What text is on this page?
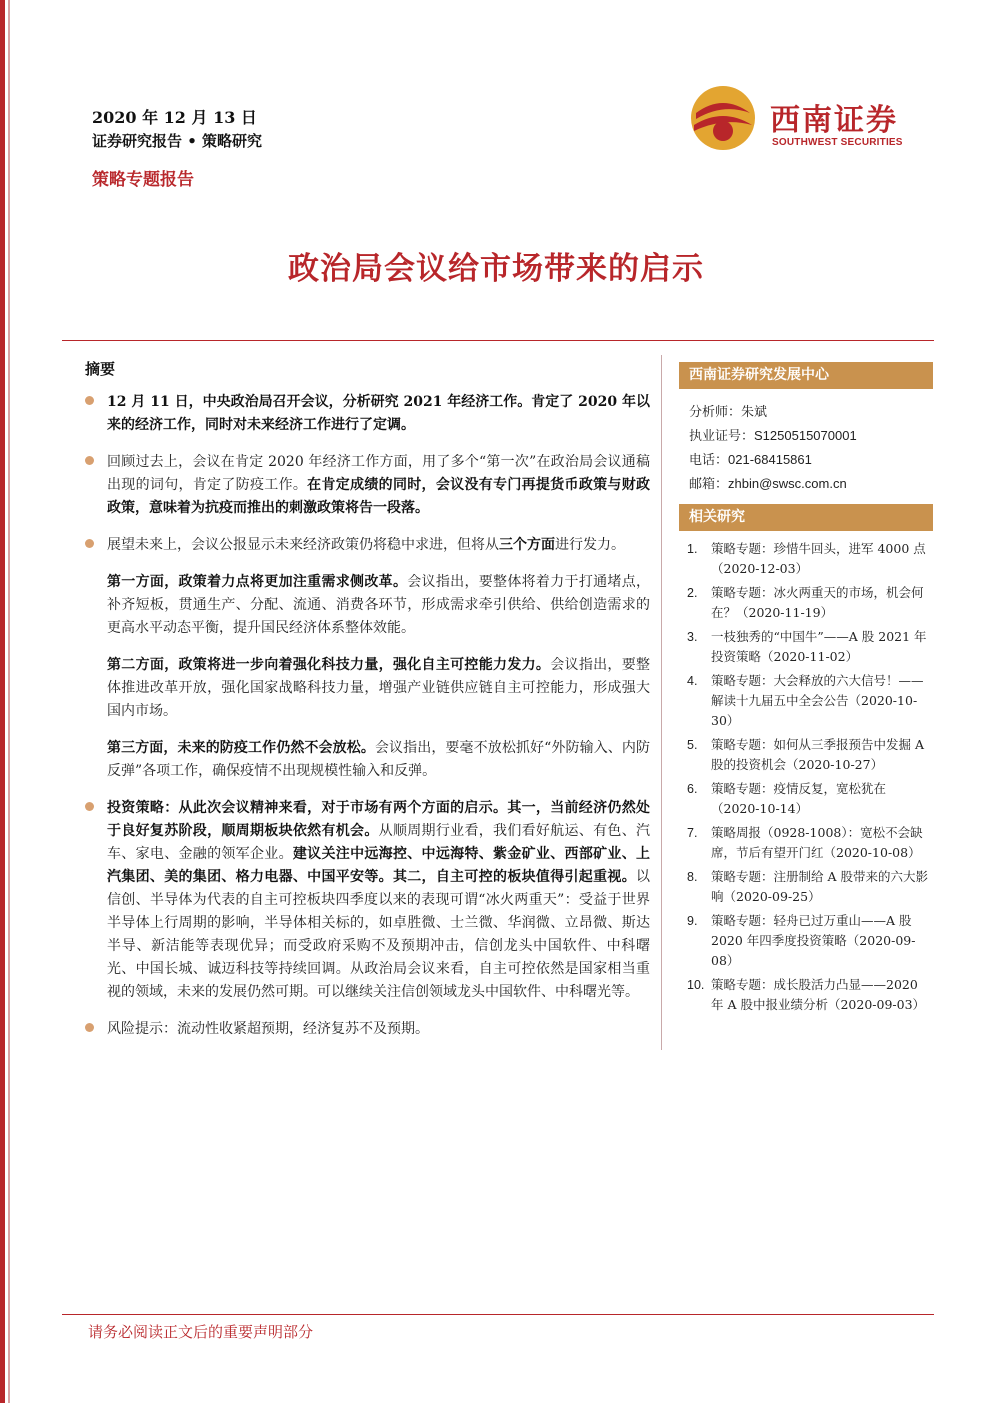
2020 年 12 月 13 日
证券研究报告 • 策略研究
策略专题报告
西南证券
SOUTHWEST SECURITIES
政治局会议给市场带来的启示
摘要
12 月 11 日，中央政治局召开会议，分析研究 2021 年经济工作。肯定了 2020 年以来的经济工作，同时对未来经济工作进行了定调。
回顾过去上，会议在肯定 2020 年经济工作方面，用了多个“第一次”在政治局会议通稿出现的词句，肯定了防疫工作。在肯定成绩的同时，会议没有专门再提货币政策与财政政策，意味着为抗疫而推出的刺激政策将告一段落。
展望未来上，会议公报显示未来经济政策仍将稳中求进，但将从三个方面进行发力。
第一方面，政策着力点将更加注重需求侧改革。会议指出，要整体将着力于打通堵点，补齐短板，贯通生产、分配、流通、消费各环节，形成需求牵引供给、供给创造需求的更高水平动态平衡，提升国民经济体系整体效能。
第二方面，政策将进一步向着强化科技力量，强化自主可控能力发力。会议指出，要整体推进改革开放，强化国家战略科技力量，增强产业链供应链自主可控能力，形成强大国内市场。
第三方面，未来的防疫工作仍然不会放松。会议指出，要毫不放松抓好“外防输入、内防反弹”各项工作，确保疫情不出现规模性输入和反弹。
投资策略：从此次会议精神来看，对于市场有两个方面的启示。其一，当前经济仍然处于良好复苏阶段，顺周期板块依然有机会。从顺周期行业看，我们看好航运、有色、汽车、家电、金融的领军企业。建议关注中远海控、中远海特、紫金矿业、西部矿业、上汽集团、美的集团、格力电器、中国平安等。其二，自主可控的板块值得引起重视。以信创、半导体为代表的自主可控板块四季度以来的表现可谓“冰火两重天”：受益于世界半导体上行周期的影响，半导体相关标的，如卓胜微、士兰微、华润微、立昂微、斯达半导、新洁能等表现优异；而受政府采购不及预期冲击，信创龙头中国软件、中科曙光、中国长城、诚迈科技等持续回调。从政治局会议来看，自主可控依然是国家相当重视的领域，未来的发展仍然可期。可以继续关注信创领域龙头中国软件、中科曙光等。
风险提示：流动性收紧超预期，经济复苏不及预期。
西南证券研究发展中心
分析师：朱斌
执业证号：S1250515070001
电话：021-68415861
邮箱：zhbin@swsc.com.cn
相关研究
1. 策略专题：珍惜牛回头，进军 4000 点（2020-12-03）
2. 策略专题：冰火两重天的市场，机会何在？（2020-11-19）
3. 一枝独秀的“中国牛”——A 股 2021 年投资策略（2020-11-02）
4. 策略专题：大会释放的六大信号！——解读十九届五中全会公告（2020-10-30）
5. 策略专题：如何从三季报预告中发掘 A 股的投资机会（2020-10-27）
6. 策略专题：疫情反复，宽松犹在（2020-10-14）
7. 策略周报（0928-1008）：宽松不会缺席，节后有望开门红（2020-10-08）
8. 策略专题：注册制给 A 股带来的六大影响（2020-09-25）
9. 策略专题：轻舟已过万重山——A 股 2020 年四季度投资策略（2020-09-08）
10. 策略专题：成长股活力凸显——2020 年 A 股中报业绩分析（2020-09-03）
请务必阅读正文后的重要声明部分
